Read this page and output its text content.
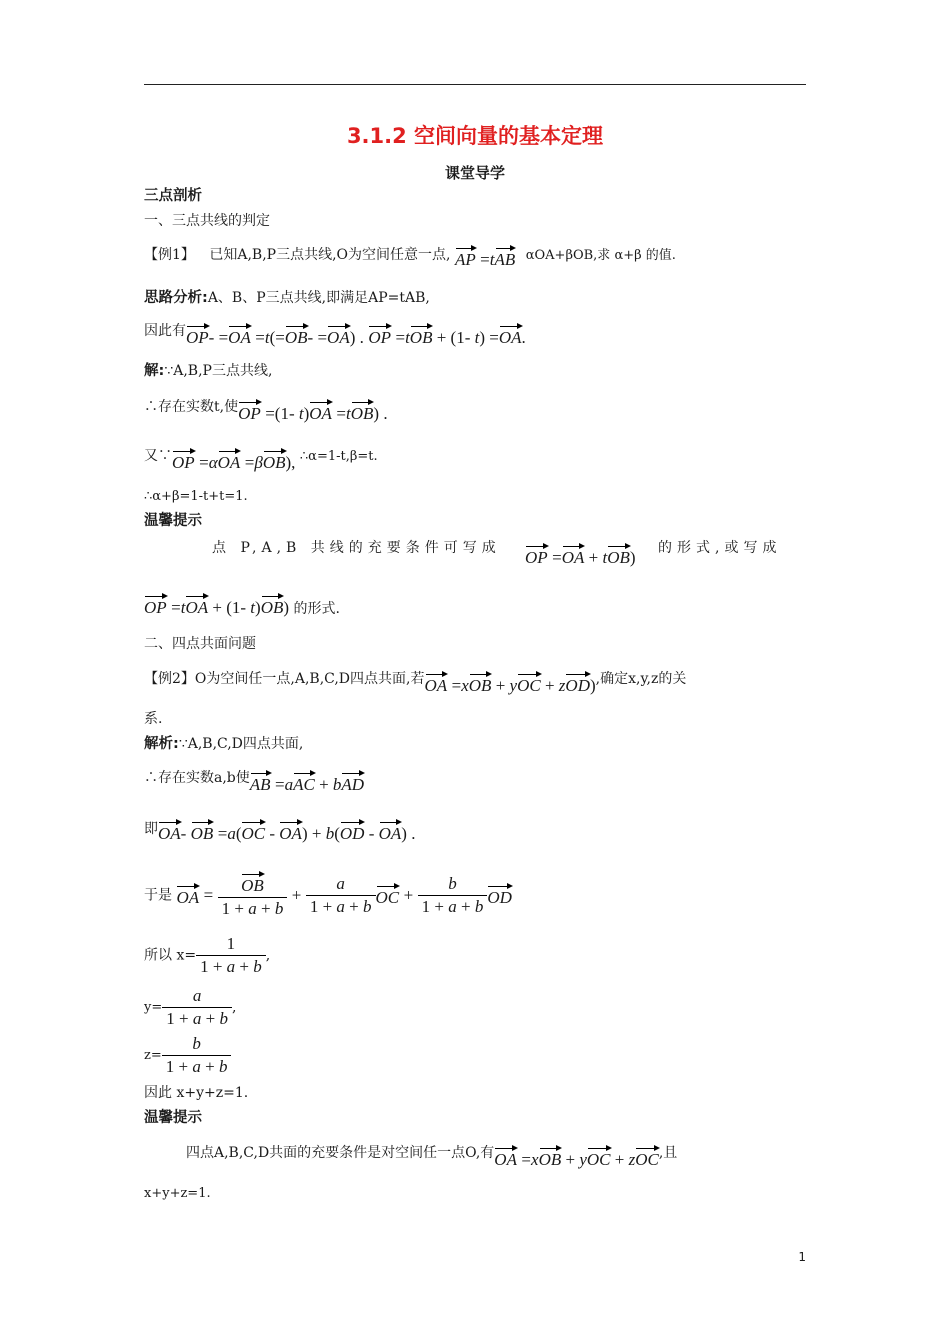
3.1.2 空间向量的基本定理
课堂导学
三点剖析
一、三点共线的判定
【例1】 已知A,B,P三点共线,O为空间任意一点, AP =tAB αOA+βOB,求 α+β 的值.
思路分析:A、B、P三点共线,即满足AP=tAB,
因此有OP- =OA =t(=OB- =OA) . OP =tOB + (1- t) =OA.
解:∵A,B,P三点共线,
∴存在实数t,使OP =(1- t)OA =tOB) .
又∵OP =αOA =βOB), ∴α=1-t,β=t.
∴α+β=1-t+t=1.
温馨提示
点 P,A,B 共线的充要条件可写成 OP =OA + tOB) 的形式,或写成
OP =tOA + (1- t)OB) 的形式.
二、四点共面问题
【例2】O为空间任一点,A,B,C,D四点共面,若OA =xOB + yOC + zOD),确定x,y,z的关
系.
解析:∵A,B,C,D四点共面,
∴存在实数a,b使AB =aAC + bAD
即OA- OB =a(OC - OA) + b(OD - OA) .
于是 OA = $\frac{OB}{1 + a + b} + \frac{a}{1 + a + b}$ OC + $\frac{b}{1 + a + b}$ OD
所以 $x= \frac{1}{1 + a + b}$ ,
$y= \frac{a}{1 + a + b}$ ,
$z= \frac{b}{1 + a + b}$
因此 x+y+z=1.
温馨提示
四点A,B,C,D共面的充要条件是对空间任一点O,有OA =xOB + yOC + zOC,且
x+y+z=1.
1
